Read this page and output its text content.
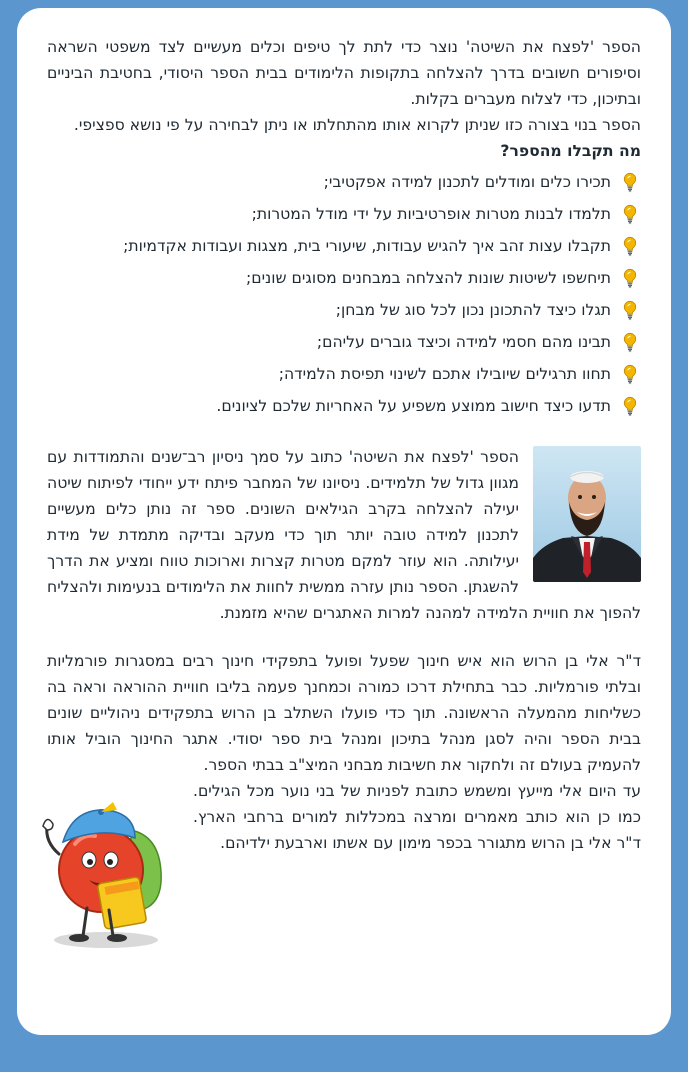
הספר 'לפצח את השיטה' נוצר כדי לתת לך טיפים וכלים מעשיים לצד משפטי השראה וסיפורים חשובים בדרך להצלחה בתקופות הלימודים בבית הספר היסודי, בחטיבת הביניים ובתיכון, כדי לצלוח מעברים בקלות.

הספר בנוי בצורה כזו שניתן לקרוא אותו מהתחלתו או ניתן לבחירה על פי נושא ספציפי.

מה תקבלו מהספר?

תכירו כלים ומודלים לתכנון למידה אפקטיבי;
תלמדו לבנות מטרות אופרטיביות על ידי מודל המטרות;
תקבלו עצות זהב איך להגיש עבודות, שיעורי בית, מצגות ועבודות אקדמיות;
תיחשפו לשיטות שונות להצלחה במבחנים מסוגים שונים;
תגלו כיצד להתכונן נכון לכל סוג של מבחן;
תבינו מהם חסמי למידה וכיצד גוברים עליהם;
תחוו תרגילים שיובילו אתכם לשינוי תפיסת הלמידה;
תדעו כיצד חישוב ממוצע משפיע על האחריות שלכם לציונים.

הספר 'לפצח את השיטה' כתוב על סמך ניסיון רב־שנים והתמודדות עם מגוון גדול של תלמידים. ניסיונו של המחבר פיתח ידע ייחודי לפיתוח שיטה יעילה להצלחה בקרב הגילאים השונים. ספר זה נותן כלים מעשיים לתכנון למידה טובה יותר תוך כדי מעקב ובדיקה מתמדת של מידת יעילותה. הוא עוזר למקם מטרות קצרות וארוכות טווח ומציע את הדרך להשגתן. הספר נותן עזרה ממשית לחוות את הלימודים בנעימות ולהצליח להפוך את חוויית הלמידה למהנה למרות האתגרים שהיא מזמנת.

ד"ר אלי בן הרוש הוא איש חינוך שפעל ופועל בתפקידי חינוך רבים במסגרות פורמליות ובלתי פורמליות. כבר בתחילת דרכו כמורה וכמחנך פעמה בליבו חוויית ההוראה וראה בה כשליחות מהמעלה הראשונה. תוך כדי פועלו השתלב בן הרוש בתפקידים ניהוליים שונים בבית הספר והיה לסגן מנהל בתיכון ומנהל בית ספר יסודי. אתגר החינוך הוביל אותו להעמיק בעולם זה ולחקור את חשיבות מבחני המיצ"ב בבתי הספר.

עד היום אלי מייעץ ומשמש כתובת לפניות של בני נוער מכל הגילים. כמו כן הוא כותב מאמרים ומרצה במכללות למורים ברחבי הארץ. ד"ר אלי בן הרוש מתגורר בכפר מימון עם אשתו וארבעת ילדיהם.
